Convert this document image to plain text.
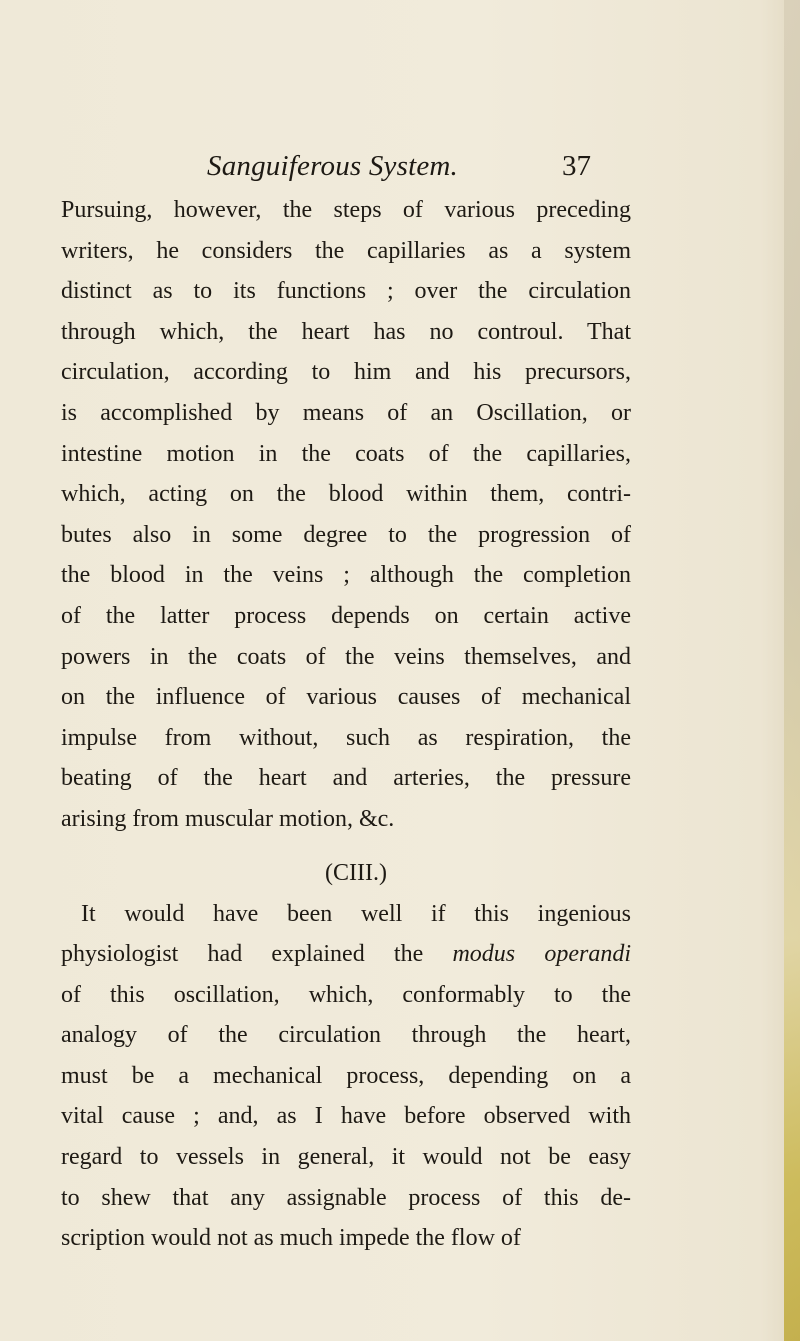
Sanguiferous System.	37
Pursuing, however, the steps of various preceding
writers, he considers the capillaries as a system
distinct as to its functions ; over the circulation
through which, the heart has no controul. That
circulation, according to him and his precursors,
is accomplished by means of an Oscillation, or
intestine motion in the coats of the capillaries,
which, acting on the blood within them, contri-
butes also in some degree to the progression of
the blood in the veins ; although the completion
of the latter process depends on certain active
powers in the coats of the veins themselves, and
on the influence of various causes of mechanical
impulse from without, such as respiration, the
beating of the heart and arteries, the pressure
arising from muscular motion, &c.
(CIII.)
It would have been well if this ingenious
physiologist had explained the modus operandi
of this oscillation, which, conformably to the
analogy of the circulation through the heart,
must be a mechanical process, depending on a
vital cause ; and, as I have before observed with
regard to vessels in general, it would not be easy
to shew that any assignable process of this de-
scription would not as much impede the flow of
